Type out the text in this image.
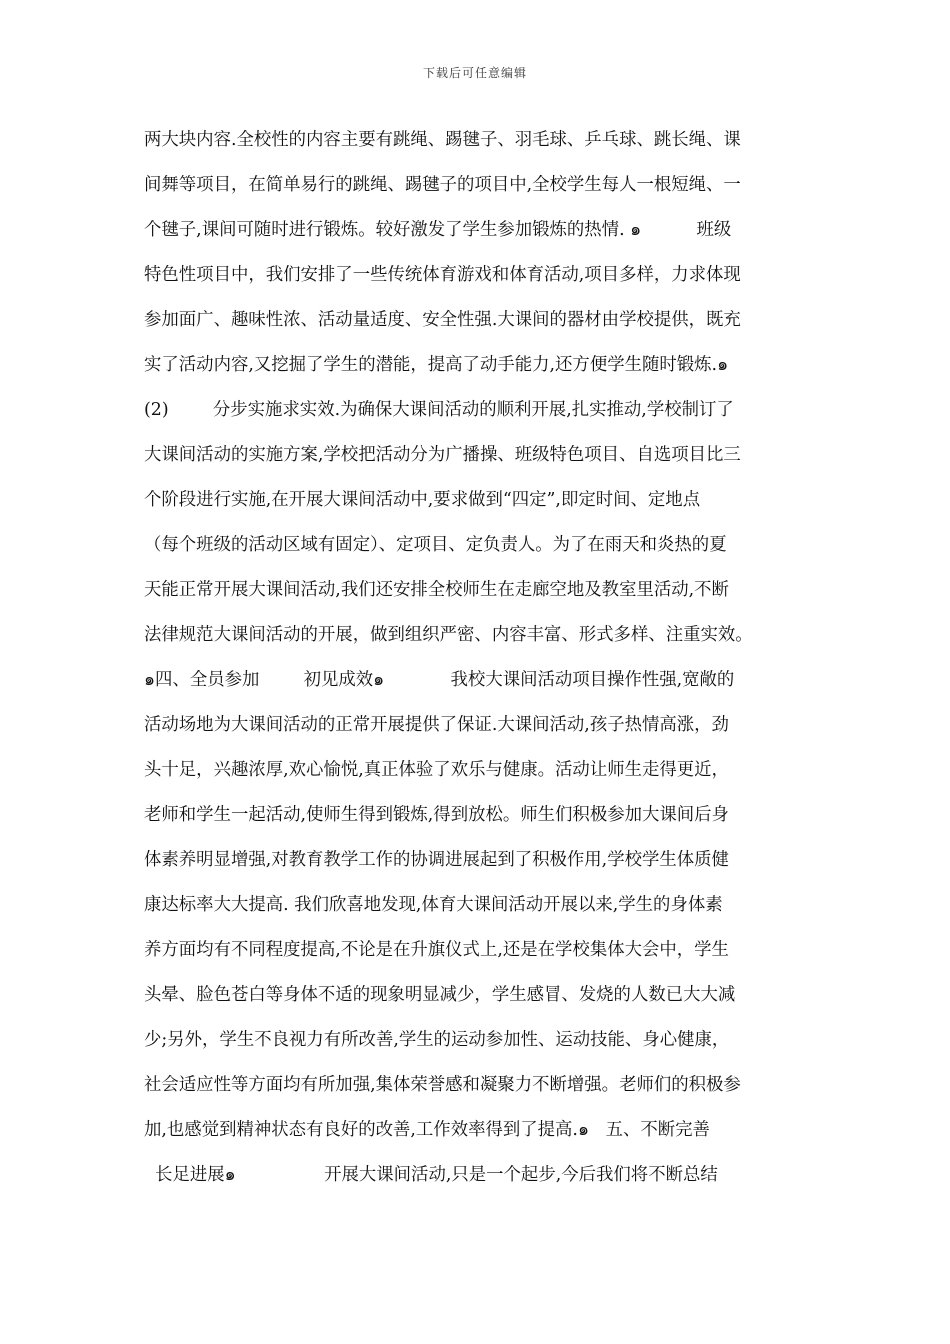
下载后可任意编辑
两大块内容.全校性的内容主要有跳绳、踢毽子、羽毛球、乒乓球、跳长绳、课
间舞等项目，在简单易行的跳绳、踢毽子的项目中,全校学生每人一根短绳、一
个毽子,课间可随时进行锻炼。较好激发了学生参加锻炼的热情. ๑          班级
特色性项目中，我们安排了一些传统体育游戏和体育活动,项目多样，力求体现
参加面广、趣味性浓、活动量适度、安全性强.大课间的器材由学校提供，既充
实了活动内容,又挖掘了学生的潜能，提高了动手能力,还方便学生随时锻炼.๑
(2)        分步实施求实效.为确保大课间活动的顺利开展,扎实推动,学校制订了
大课间活动的实施方案,学校把活动分为广播操、班级特色项目、自选项目比三
个阶段进行实施,在开展大课间活动中,要求做到“四定”,即定时间、定地点
（每个班级的活动区域有固定）、定项目、定负责人。为了在雨天和炎热的夏
天能正常开展大课间活动,我们还安排全校师生在走廊空地及教室里活动,不断
法律规范大课间活动的开展，做到组织严密、内容丰富、形式多样、注重实效。
๑四、全员参加        初见成效๑            我校大课间活动项目操作性强,宽敞的
活动场地为大课间活动的正常开展提供了保证.大课间活动,孩子热情高涨，劲
头十足，兴趣浓厚,欢心愉悦,真正体验了欢乐与健康。活动让师生走得更近，
老师和学生一起活动,使师生得到锻炼,得到放松。师生们积极参加大课间后身
体素养明显增强,对教育教学工作的协调进展起到了积极作用,学校学生体质健
康达标率大大提高. 我们欣喜地发现,体育大课间活动开展以来,学生的身体素
养方面均有不同程度提高,不论是在升旗仪式上,还是在学校集体大会中，学生
头晕、脸色苍白等身体不适的现象明显减少，学生感冒、发烧的人数已大大减
少;另外，学生不良视力有所改善,学生的运动参加性、运动技能、身心健康，
社会适应性等方面均有所加强,集体荣誉感和凝聚力不断增强。老师们的积极参
加,也感觉到精神状态有良好的改善,工作效率得到了提高.๑   五、不断完善
长足进展๑                开展大课间活动,只是一个起步,今后我们将不断总结
